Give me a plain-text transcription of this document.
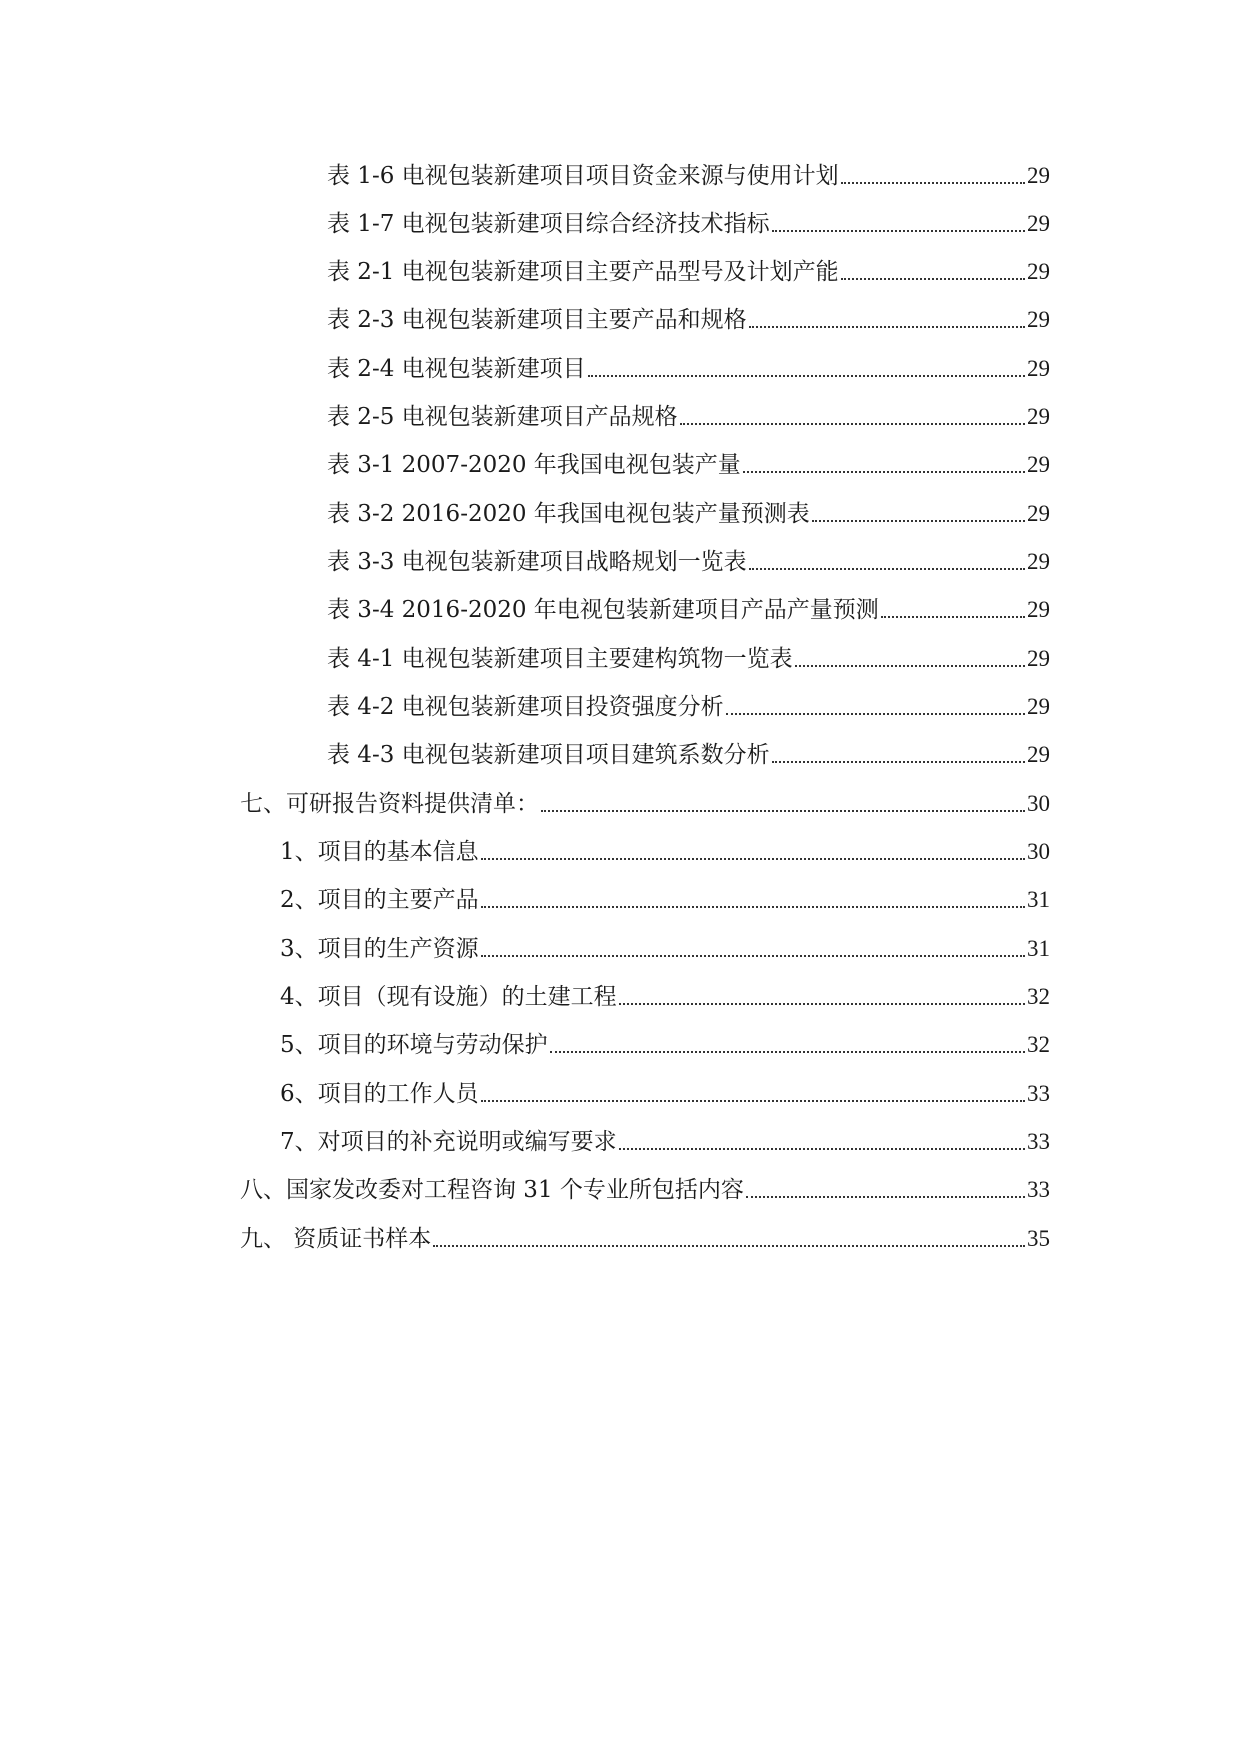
表 1-6 电视包装新建项目项目资金来源与使用计划	29
表 1-7 电视包装新建项目综合经济技术指标	29
表 2-1 电视包装新建项目主要产品型号及计划产能	29
表 2-3 电视包装新建项目主要产品和规格	29
表 2-4 电视包装新建项目	29
表 2-5 电视包装新建项目产品规格	29
表 3-1 2007-2020 年我国电视包装产量	29
表 3-2 2016-2020 年我国电视包装产量预测表	29
表 3-3 电视包装新建项目战略规划一览表	29
表 3-4 2016-2020 年电视包装新建项目产品产量预测	29
表 4-1 电视包装新建项目主要建构筑物一览表	29
表 4-2 电视包装新建项目投资强度分析	29
表 4-3 电视包装新建项目项目建筑系数分析	29
七、可研报告资料提供清单：	30
1、项目的基本信息	30
2、项目的主要产品	31
3、项目的生产资源	31
4、项目（现有设施）的土建工程	32
5、项目的环境与劳动保护	32
6、项目的工作人员	33
7、对项目的补充说明或编写要求	33
八、国家发改委对工程咨询 31 个专业所包括内容	33
九、 资质证书样本	35
